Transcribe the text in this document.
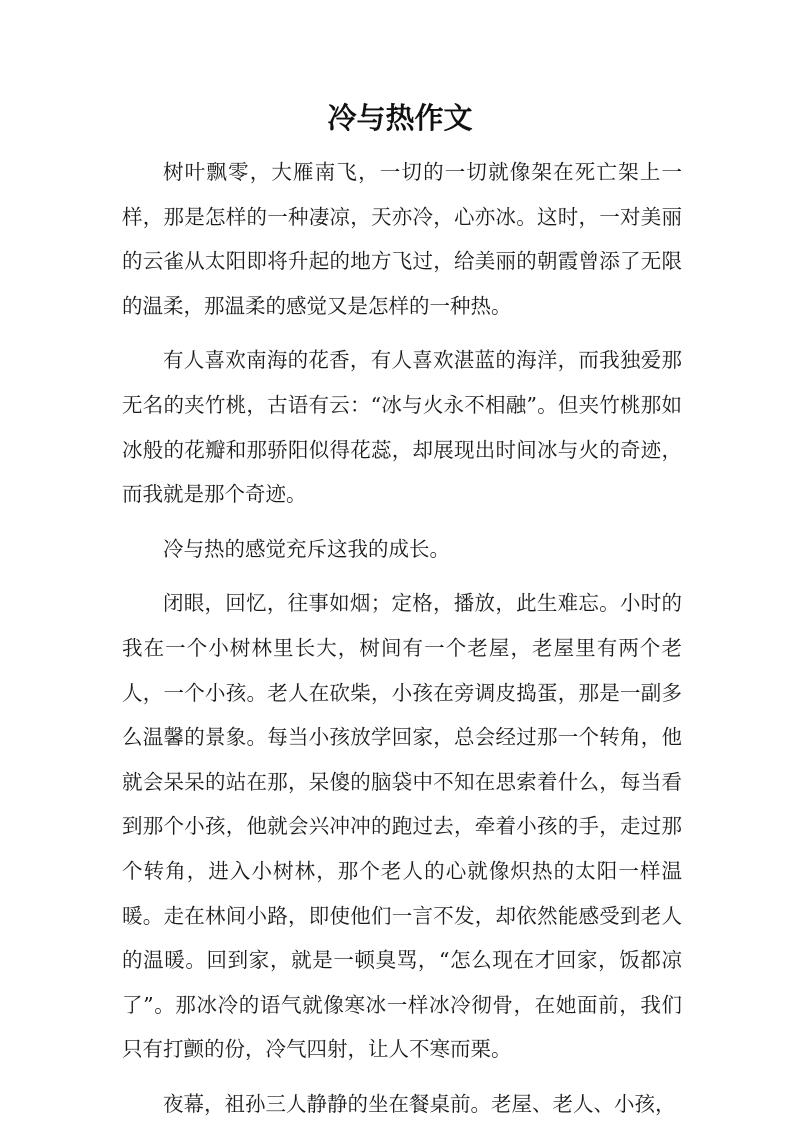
冷与热作文

树叶飘零，大雁南飞，一切的一切就像架在死亡架上一样，那是怎样的一种凄凉，天亦冷，心亦冰。这时，一对美丽的云雀从太阳即将升起的地方飞过，给美丽的朝霞曾添了无限的温柔，那温柔的感觉又是怎样的一种热。

有人喜欢南海的花香，有人喜欢湛蓝的海洋，而我独爱那无名的夹竹桃，古语有云：“冰与火永不相融”。但夹竹桃那如冰般的花瓣和那骄阳似得花蕊，却展现出时间冰与火的奇迹，而我就是那个奇迹。

冷与热的感觉充斥这我的成长。

闭眼，回忆，往事如烟；定格，播放，此生难忘。小时的我在一个小树林里长大，树间有一个老屋，老屋里有两个老人，一个小孩。老人在砍柴，小孩在旁调皮捣蛋，那是一副多么温馨的景象。每当小孩放学回家，总会经过那一个转角，他就会呆呆的站在那，呆傻的脑袋中不知在思索着什么，每当看到那个小孩，他就会兴冲冲的跑过去，牵着小孩的手，走过那个转角，进入小树林，那个老人的心就像炽热的太阳一样温暖。走在林间小路，即使他们一言不发，却依然能感受到老人的温暖。回到家，就是一顿臭骂，“怎么现在才回家，饭都凉了”。那冰冷的语气就像寒冰一样冰冷彻骨，在她面前，我们只有打颤的份，冷气四射，让人不寒而栗。

夜幕，祖孙三人静静的坐在餐桌前。老屋、老人、小孩，
